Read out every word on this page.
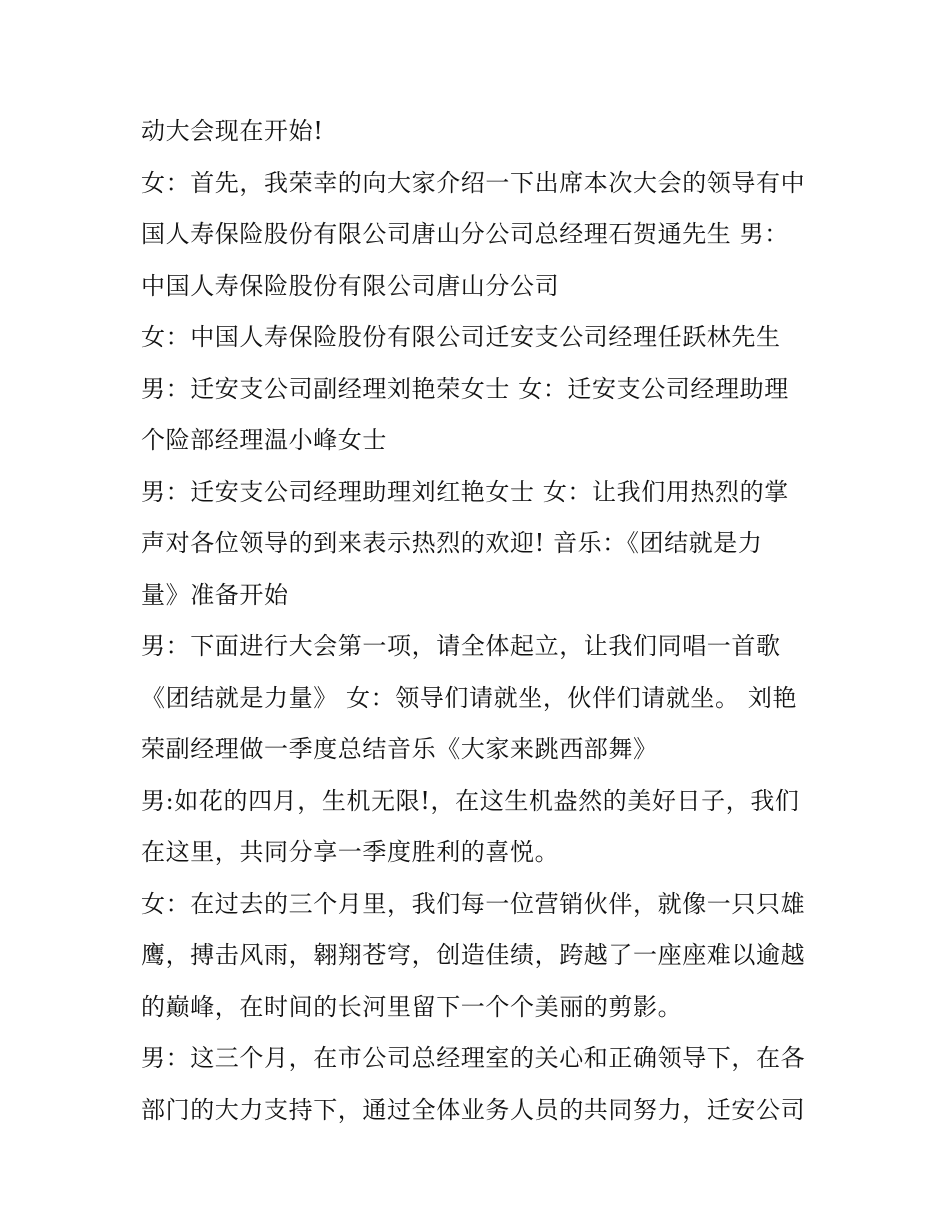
动大会现在开始!
女：首先，我荣幸的向大家介绍一下出席本次大会的领导有中
国人寿保险股份有限公司唐山分公司总经理石贺通先生 男：
中国人寿保险股份有限公司唐山分公司
女：中国人寿保险股份有限公司迁安支公司经理任跃林先生
男：迁安支公司副经理刘艳荣女士 女：迁安支公司经理助理
个险部经理温小峰女士
男：迁安支公司经理助理刘红艳女士 女：让我们用热烈的掌
声对各位领导的到来表示热烈的欢迎! 音乐：《团结就是力
量》准备开始
男：下面进行大会第一项，请全体起立，让我们同唱一首歌
《团结就是力量》 女：领导们请就坐，伙伴们请就坐。 刘艳
荣副经理做一季度总结音乐《大家来跳西部舞》
男:如花的四月，生机无限!，在这生机盎然的美好日子，我们
在这里，共同分享一季度胜利的喜悦。
女：在过去的三个月里，我们每一位营销伙伴，就像一只只雄
鹰，搏击风雨，翱翔苍穹，创造佳绩，跨越了一座座难以逾越
的巅峰，在时间的长河里留下一个个美丽的剪影。
男：这三个月，在市公司总经理室的关心和正确领导下，在各
部门的大力支持下，通过全体业务人员的共同努力，迁安公司
